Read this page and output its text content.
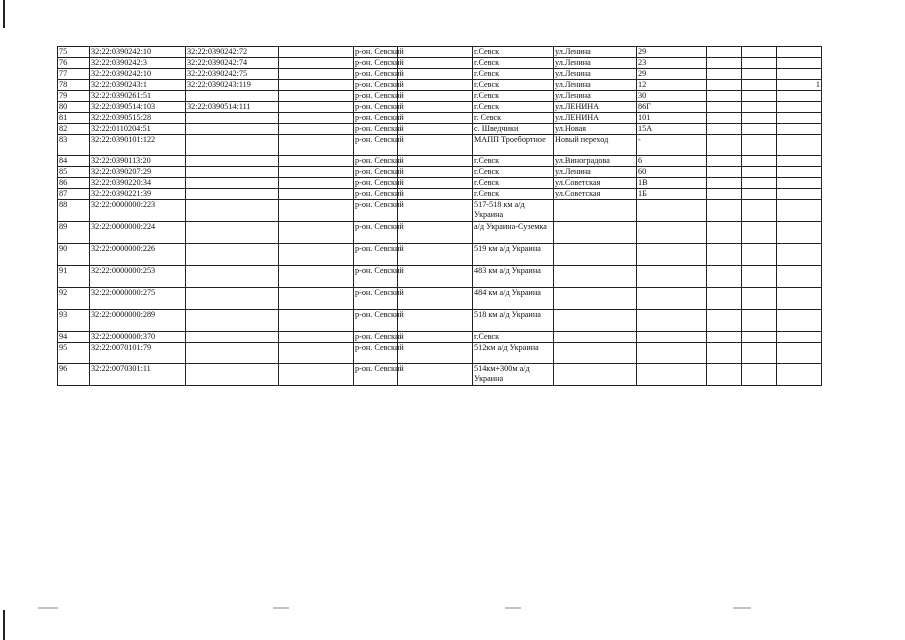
75	32:22:0390242:10	32:22:0390242:72		р-он. Севский		г.Севск	ул.Ленина	29			
76	32:22:0390242:3	32:22:0390242:74		р-он. Севский		г.Севск	ул.Ленина	23			
77	32:22:0390242:10	32:22:0390242:75		р-он. Севский		г.Севск	ул.Ленина	29			
78	32:22:0390243:1	32:22:0390243:119		р-он. Севский		г.Севск	ул.Ленина	12			1
79	32:22:0390261:51			р-он. Севский		г.Севск	ул.Ленина	30			
80	32:22:0390514:103	32:22:0390514:111		р-он. Севский		г.Севск	ул.ЛЕНИНА	86Г			
81	32:22:0390515:28			р-он. Севский		г. Севск	ул.ЛЕНИНА	101			
82	32:22:0110204:51			р-он. Севский		с. Шведчики	ул.Новая	15А			
83	32:22:0390101:122			р-он. Севский		МАПП Троебортное	Новый переход	-			
84	32:22:0390113:20			р-он. Севский		г.Севск	ул.Виноградова	6			
85	32:22:0390207:29			р-он. Севский		г.Севск	ул.Ленина	60			
86	32:22:0390220:34			р-он. Севский		г.Севск	ул.Советская	1В			
87	32:22:0390221:39			р-он. Севский		г.Севск	ул.Советская	1Б			
88	32:22:0000000:223			р-он. Севский		517-518 км а/д Украина					
89	32:22:0000000:224			р-он. Севский		а/д Украина-Суземка					
90	32:22:0000000:226			р-он. Севский		519 км а/д Украина					
91	32:22:0000000:253			р-он. Севский		483 км а/д Украина					
92	32:22:0000000:275			р-он. Севский		484 км а/д Украина					
93	32:22:0000000:289			р-он. Севский		518 км а/д Украина					
94	32:22:0000000:370			р-он. Севский		г.Севск					
95	32:22:0070101:79			р-он. Севский		512км а/д Украина					
96	32:22:0070301:11			р-он. Севский		514км+300м а/д Украина					
